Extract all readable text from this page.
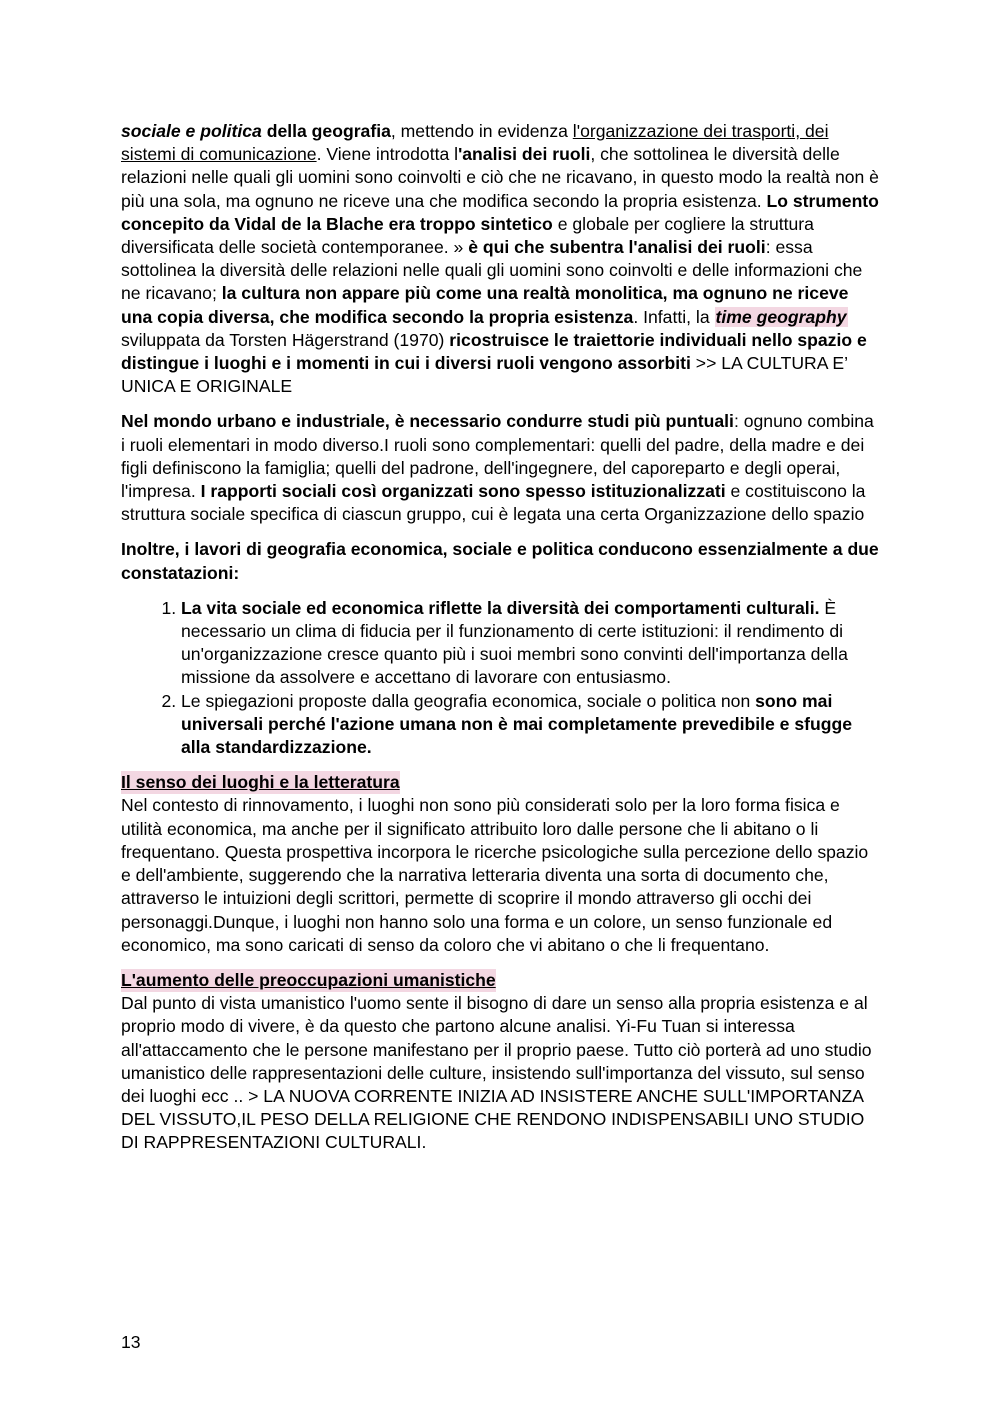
sociale e politica della geografia, mettendo in evidenza l'organizzazione dei trasporti, dei sistemi di comunicazione. Viene introdotta l'analisi dei ruoli, che sottolinea le diversità delle relazioni nelle quali gli uomini sono coinvolti e ciò che ne ricavano, in questo modo la realtà non è più una sola, ma ognuno ne riceve una che modifica secondo la propria esistenza. Lo strumento concepito da Vidal de la Blache era troppo sintetico e globale per cogliere la struttura diversificata delle società contemporanee. » è qui che subentra l'analisi dei ruoli: essa sottolinea la diversità delle relazioni nelle quali gli uomini sono coinvolti e delle informazioni che ne ricavano; la cultura non appare più come una realtà monolitica, ma ognuno ne riceve una copia diversa, che modifica secondo la propria esistenza. Infatti, la time geography sviluppata da Torsten Hägerstrand (1970) ricostruisce le traiettorie individuali nello spazio e distingue i luoghi e i momenti in cui i diversi ruoli vengono assorbiti >> LA CULTURA E’ UNICA E ORIGINALE

Nel mondo urbano e industriale, è necessario condurre studi più puntuali: ognuno combina i ruoli elementari in modo diverso.I ruoli sono complementari: quelli del padre, della madre e dei figli definiscono la famiglia; quelli del padrone, dell'ingegnere, del caporeparto e degli operai, l'impresa. I rapporti sociali così organizzati sono spesso istituzionalizzati e costituiscono la struttura sociale specifica di ciascun gruppo, cui è legata una certa Organizzazione dello spazio

Inoltre, i lavori di geografia economica, sociale e politica conducono essenzialmente a due constatazioni:

1. La vita sociale ed economica riflette la diversità dei comportamenti culturali. È necessario un clima di fiducia per il funzionamento di certe istituzioni: il rendimento di un'organizzazione cresce quanto più i suoi membri sono convinti dell'importanza della missione da assolvere e accettano di lavorare con entusiasmo.
2. Le spiegazioni proposte dalla geografia economica, sociale o politica non sono mai universali perché l'azione umana non è mai completamente prevedibile e sfugge alla standardizzazione.
Il senso dei luoghi e la letteratura

Nel contesto di rinnovamento, i luoghi non sono più considerati solo per la loro forma fisica e utilità economica, ma anche per il significato attribuito loro dalle persone che li abitano o li frequentano. Questa prospettiva incorpora le ricerche psicologiche sulla percezione dello spazio e dell'ambiente, suggerendo che la narrativa letteraria diventa una sorta di documento che, attraverso le intuizioni degli scrittori, permette di scoprire il mondo attraverso gli occhi dei personaggi.Dunque, i luoghi non hanno solo una forma e un colore, un senso funzionale ed economico, ma sono caricati di senso da coloro che vi abitano o che li frequentano.

L'aumento delle preoccupazioni umanistiche

Dal punto di vista umanistico l'uomo sente il bisogno di dare un senso alla propria esistenza e al proprio modo di vivere, è da questo che partono alcune analisi. Yi-Fu Tuan si interessa all'attaccamento che le persone manifestano per il proprio paese. Tutto ciò porterà ad uno studio umanistico delle rappresentazioni delle culture, insistendo sull'importanza del vissuto, sul senso dei luoghi ecc .. > LA NUOVA CORRENTE INIZIA AD INSISTERE ANCHE SULL'IMPORTANZA DEL VISSUTO,IL PESO DELLA RELIGIONE CHE RENDONO INDISPENSABILI UNO STUDIO DI RAPPRESENTAZIONI CULTURALI.

13
